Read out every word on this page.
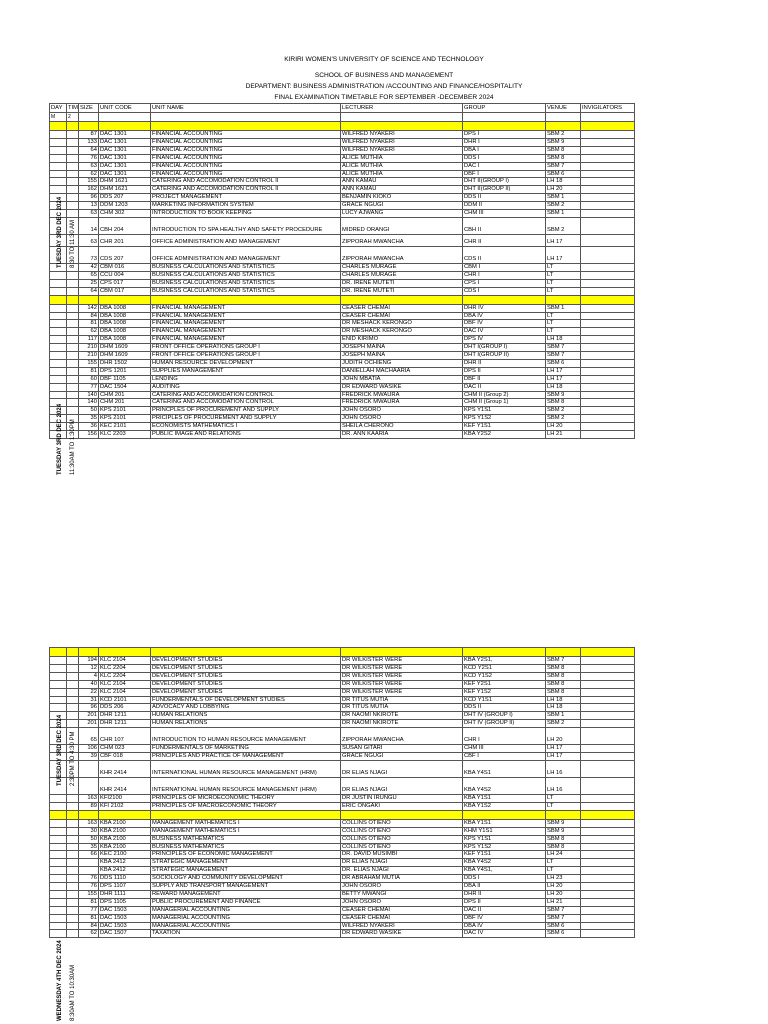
KIRIRI WOMEN'S UNIVERSITY OF SCIENCE AND TECHNOLOGY
SCHOOL OF BUSINESS AND MANAGEMENT
DEPARTMENT: BUSINESS ADMINISTRATION /ACCOUNTING AND FINANCE/HOSPITALITY
FINAL EXAMINATION TIMETABLE FOR SEPTEMBER -DECEMBER 2024
DAY	TIM	SIZE	UNIT CODE	UNIT NAME	LECTURER	GROUP	VENUE	INVIGILATORS
M	2							

		87	DAC 1301	FINANCIAL ACCOUNTING	WILFRED NYAKERI	DPS I	SBM 2	
		133	DAC 1301	FINANCIAL ACCOUNTING	WILFRED NYAKERI	DHR I	SBM 9	
		64	DAC 1301	FINANCIAL ACCOUNTING	WILFRED NYAKERI	DBA I	SBM 8	
		76	DAC 1301	FINANCIAL ACCOUNTING	ALICE MUTHIA	DDS I	SBM 8	
		63	DAC 1301	FINANCIAL ACCOUNTING	ALICE MUTHIA	DAC I	SBM 7	
		62	DAC 1301	FINANCIAL ACCOUNTING	ALICE MUTHIA	DBF I	SBM 6	
		155	DHM 1621	CATERING AND ACCOMODATION CONTROL II	ANN KAMAU	DHT II(GROUP I)	LH 18	
		162	DHM 1621	CATERING AND ACCOMODATION CONTROL II	ANN KAMAU	DHT II(GROUP II)	LH 20	
		96	DDS 207	PROJECT MANAGEMENT	BENJAMIN KIOKO	DDS II	SBM 1	
		13	DDM 1203	MARKETING INFORMATION SYSTEM	GRACE NGUGI	DDM II	SBM 2	
		63	CHM 302	INTRODUCTION TO BOOK KEEPING	LUCY AJWANG	CHM III	SBM 1	
		14	CBH 204	INTRODUCTION TO SPA HEALTHY AND SAFETY PROCEDURE	MIDRED ORANGI	CBH II	SBM 2	
		63	CHR 201	OFFICE ADMINISTRATION AND MANAGEMENT	ZIPPORAH MWANCHA	CHR II	LH 17	
		73	CDS 207	OFFICE ADMINISTRATION AND MANAGEMENT	ZIPPORAH MWANCHA	CDS II	LH 17	
		42	CBM 016	BUSINESS CALCULATIONS AND STATISTICS	CHARLES MURAGE	CBM I	LT	
		65	CCU 004	BUSINESS CALCULATIONS AND STATISTICS	CHARLES MURAGE	CHR I	LT	
		25	CPS 017	BUSINESS CALCULATIONS AND STATISTICS	DR. IRENE MUTETI	CPS I	LT	
		64	CBM 017	BUSINESS CALCULATIONS AND STATISTICS	DR. IRENE MUTETI	CDS I	LT	

		142	DBA 1008	FINANCIAL MANAGEMENT	CEASER CHEMAI	DHR IV	SBM 1	
		84	DBA 1008	FINANCIAL MANAGEMENT	CEASER CHEMAI	DBA IV	LT	
		81	DBA 1008	FINANCIAL MANAGEMENT	DR MESHACK KERONGO	DBF IV	LT	
		62	DBA 1008	FINANCIAL MANAGEMENT	DR MESHACK KERONGO	DAC IV	LT	
		117	DBA 1008	FINANCIAL MANAGEMENT	ENID KIRIMO	DPS IV	LH 18	
		210	DHM 1609	FRONT OFFICE OPERATIONS GROUP I	JOSEPH MAINA	DHT I(GROUP I)	SBM 7	
		210	DHM 1609	FRONT OFFICE OPERATIONS GROUP I	JOSEPH MAINA	DHT I(GROUP II)	SBM 7	
		155	DHR 1502	HUMAN RESOURCE DEVELOPMENT	JUDITH OCHIENG	DHR II	SBM 6	
		81	DPS 1201	SUPPLIES MANAGEMENT	DANIELLAH MACHAARIA	DPS II	LH 17	
		60	DBF 1105	LENDING	JOHN MBATIA	DBF II	LH 17	
		77	DAC 1504	AUDITING	DR EDWARD WASIKE	DAC II	LH 18	
		140	CHM 201	CATERING AND ACCOMODATION CONTROL	FREDRICK MWAURA	CHM II (Group 2)	SBM 9	
		140	CHM 201	CATERING AND ACCOMODATION CONTROL	FREDRICK MWAURA	CHM II (Group 1)	SBM 8	
		50	KPS 2101	PRINCPLES OF PROCUREMENT AND SUPPLY	JOHN OSORO	KPS Y1S1	SBM 2	
		35	KPS 2101	PRICIPLES OF PROCUREMENT AND SUPPLY	JOHN OSORO	KPS Y1S2	SBM 2	
		36	KEC 2101	ECONOMISTS MATHEMATICS I	SHEILA CHERONO	KEF Y1S1	LH 20	
		156	KLC 2203	PUBLIC IMAGE AND RELATIONS	DR. ANN KAARIA	KBA Y2S2	LH 21	

		194	KLC 2104	DEVELOPMENT STUDIES	DR WILKISTER WERE	KBA Y2S1,	SBM 7	
		12	KLC 2204	DEVELOPMENT STUDIES	DR WILKISTER WERE	KCD Y2S1	SBM 8	
		4	KLC 2204	DEVELOPMENT STUDIES	DR WILKISTER WERE	KCD Y1S2	SBM 8	
		40	KLC 2104	DEVELOPMENT STUDIES	DR WILKISTER WERE	KEF Y2S1	SBM 8	
		22	KLC 2104	DEVELOPMENT STUDIES	DR WILKISTER WERE	KEF Y1S2	SBM 8	
		31	KCD 2101	FUNDERMENTALS OF DEVELOPMENT STUDIES	DR TITUS MUTIA	KCD Y1S1	LH 18	
		96	DDS 206	ADVOCACY AND LOBBYING	DR TITUS MUTIA	DDS II	LH 18	
		201	DHR 1211	HUMAN RELATIONS	DR NAOMI NKIROTE	DHT IV (GROUP I)	SBM 1	
		201	DHR 1211	HUMAN RELATIONS	DR NAOMI NKIROTE	DHT IV (GROUP II)	SBM 2	
		65	CHR 107	INTRODUCTION TO HUMAN RESOURCE MANAGEMENT	ZIPPORAH MWANCHA	CHR I	LH 20	
		106	CHM 023	FUNDERMENTALS OF MARKETING	SUSAN GITARI	CHM III	LH 17	
		39	CBF 018	PRINCIPLES AND PRACTICE OF MANAGEMENT	GRACE NGUGI	CBF I	LH 17	
			KHR 2414	INTERNATIONAL HUMAN RESOURCE MANAGEMENT (HRM)	DR ELIAS NJAGI	KBA Y4S1	LH 16	
			KHR 2414	INTERNATIONAL HUMAN RESOURCE MANAGEMENT (HRM)	DR ELIAS NJAGI	KBA Y4S2	LH 16	
		163	KFI2100	PRINCIPLES OF MICROECONOMIC THEORY	DR JUSTIN IRUNGU	KBA Y1S1	LT	
		89	KFI 2102	PRINCIPLES OF MACROECONOMIC THEORY	ERIC ONGAKI	KBA Y1S2	LT	

		163	KBA 2100	MANAGEMENT MATHEMATICS I	COLLINS OTIENO	KBA Y1S1	SBM 9	
		30	KBA 2100	MANAGEMENT MATHEMATICS I	COLLINS OTIENO	KHM Y1S1	SBM 9	
		50	KBA 2100	BUSINESS MATHEMATICS	COLLINS OTIENO	KPS Y1S1	SBM 8	
		35	KBA 2100	BUSINESS MATHEMATICS	COLLINS OTIENO	KPS Y1S2	SBM 8	
		66	KEC 2100	PRINCIPLES OF ECONOMIC MANAGEMENT	DR. DAVID MUSIMBI	KEF Y1S1	LH 24	
			KBA 2412	STRATEGIC MANAGEMENT	DR ELIAS NJAGI	KBA Y4S2	LT	
			KBA 2412	STRATEGIC MANAGEMENT	DR. ELIAS NJAGI	KBA Y4S1,	LT	
		76	DDS 1110	SOCIOLOGY AND COMMUNITY DEVELOPMENT	DR ABRAHAM MUTIA	DDS I	LH 23	
		76	DPS 1107	SUPPLY AND TRANSPORT MANAGEMENT	JOHN OSORO	DBA II	LH 20	
		155	DHR 1111	REWARD MANAGEMENT	BETTY MWANGI	DHR II	LH 20	
		81	DPS 1105	PUBLIC PROCUREMENT AND FINANCE	JOHN OSORO	DPS II	LH 21	
		77	DAC 1503	MANAGERIAL ACCOUNTING	CEASER CHEMAI	DAC II	SBM 7	
		81	DAC 1503	MANAGERIAL ACCOUNTING	CEASER CHEMAI	DBF IV	SBM 7	
		84	DAC 1503	MANAGERIAL ACCOUNTING	WILFRED NYAKERI	DBA IV	SBM 6	
		62	DAC 1507	TAXATION	DR EDWARD WASIKE	DAC IV	SBM 6	
TUESDAY 3RD DEC 2024 8:30 TO 11:30 AM
TUESDAY 3RD DEC 2024 11:30AM TO 1:30PM
TUESDAY 3RD DEC 2024 2:30PM TO 4:30 PM
WEDNESDAY 4TH DEC 2024 8:30AM TO 10:30AM
